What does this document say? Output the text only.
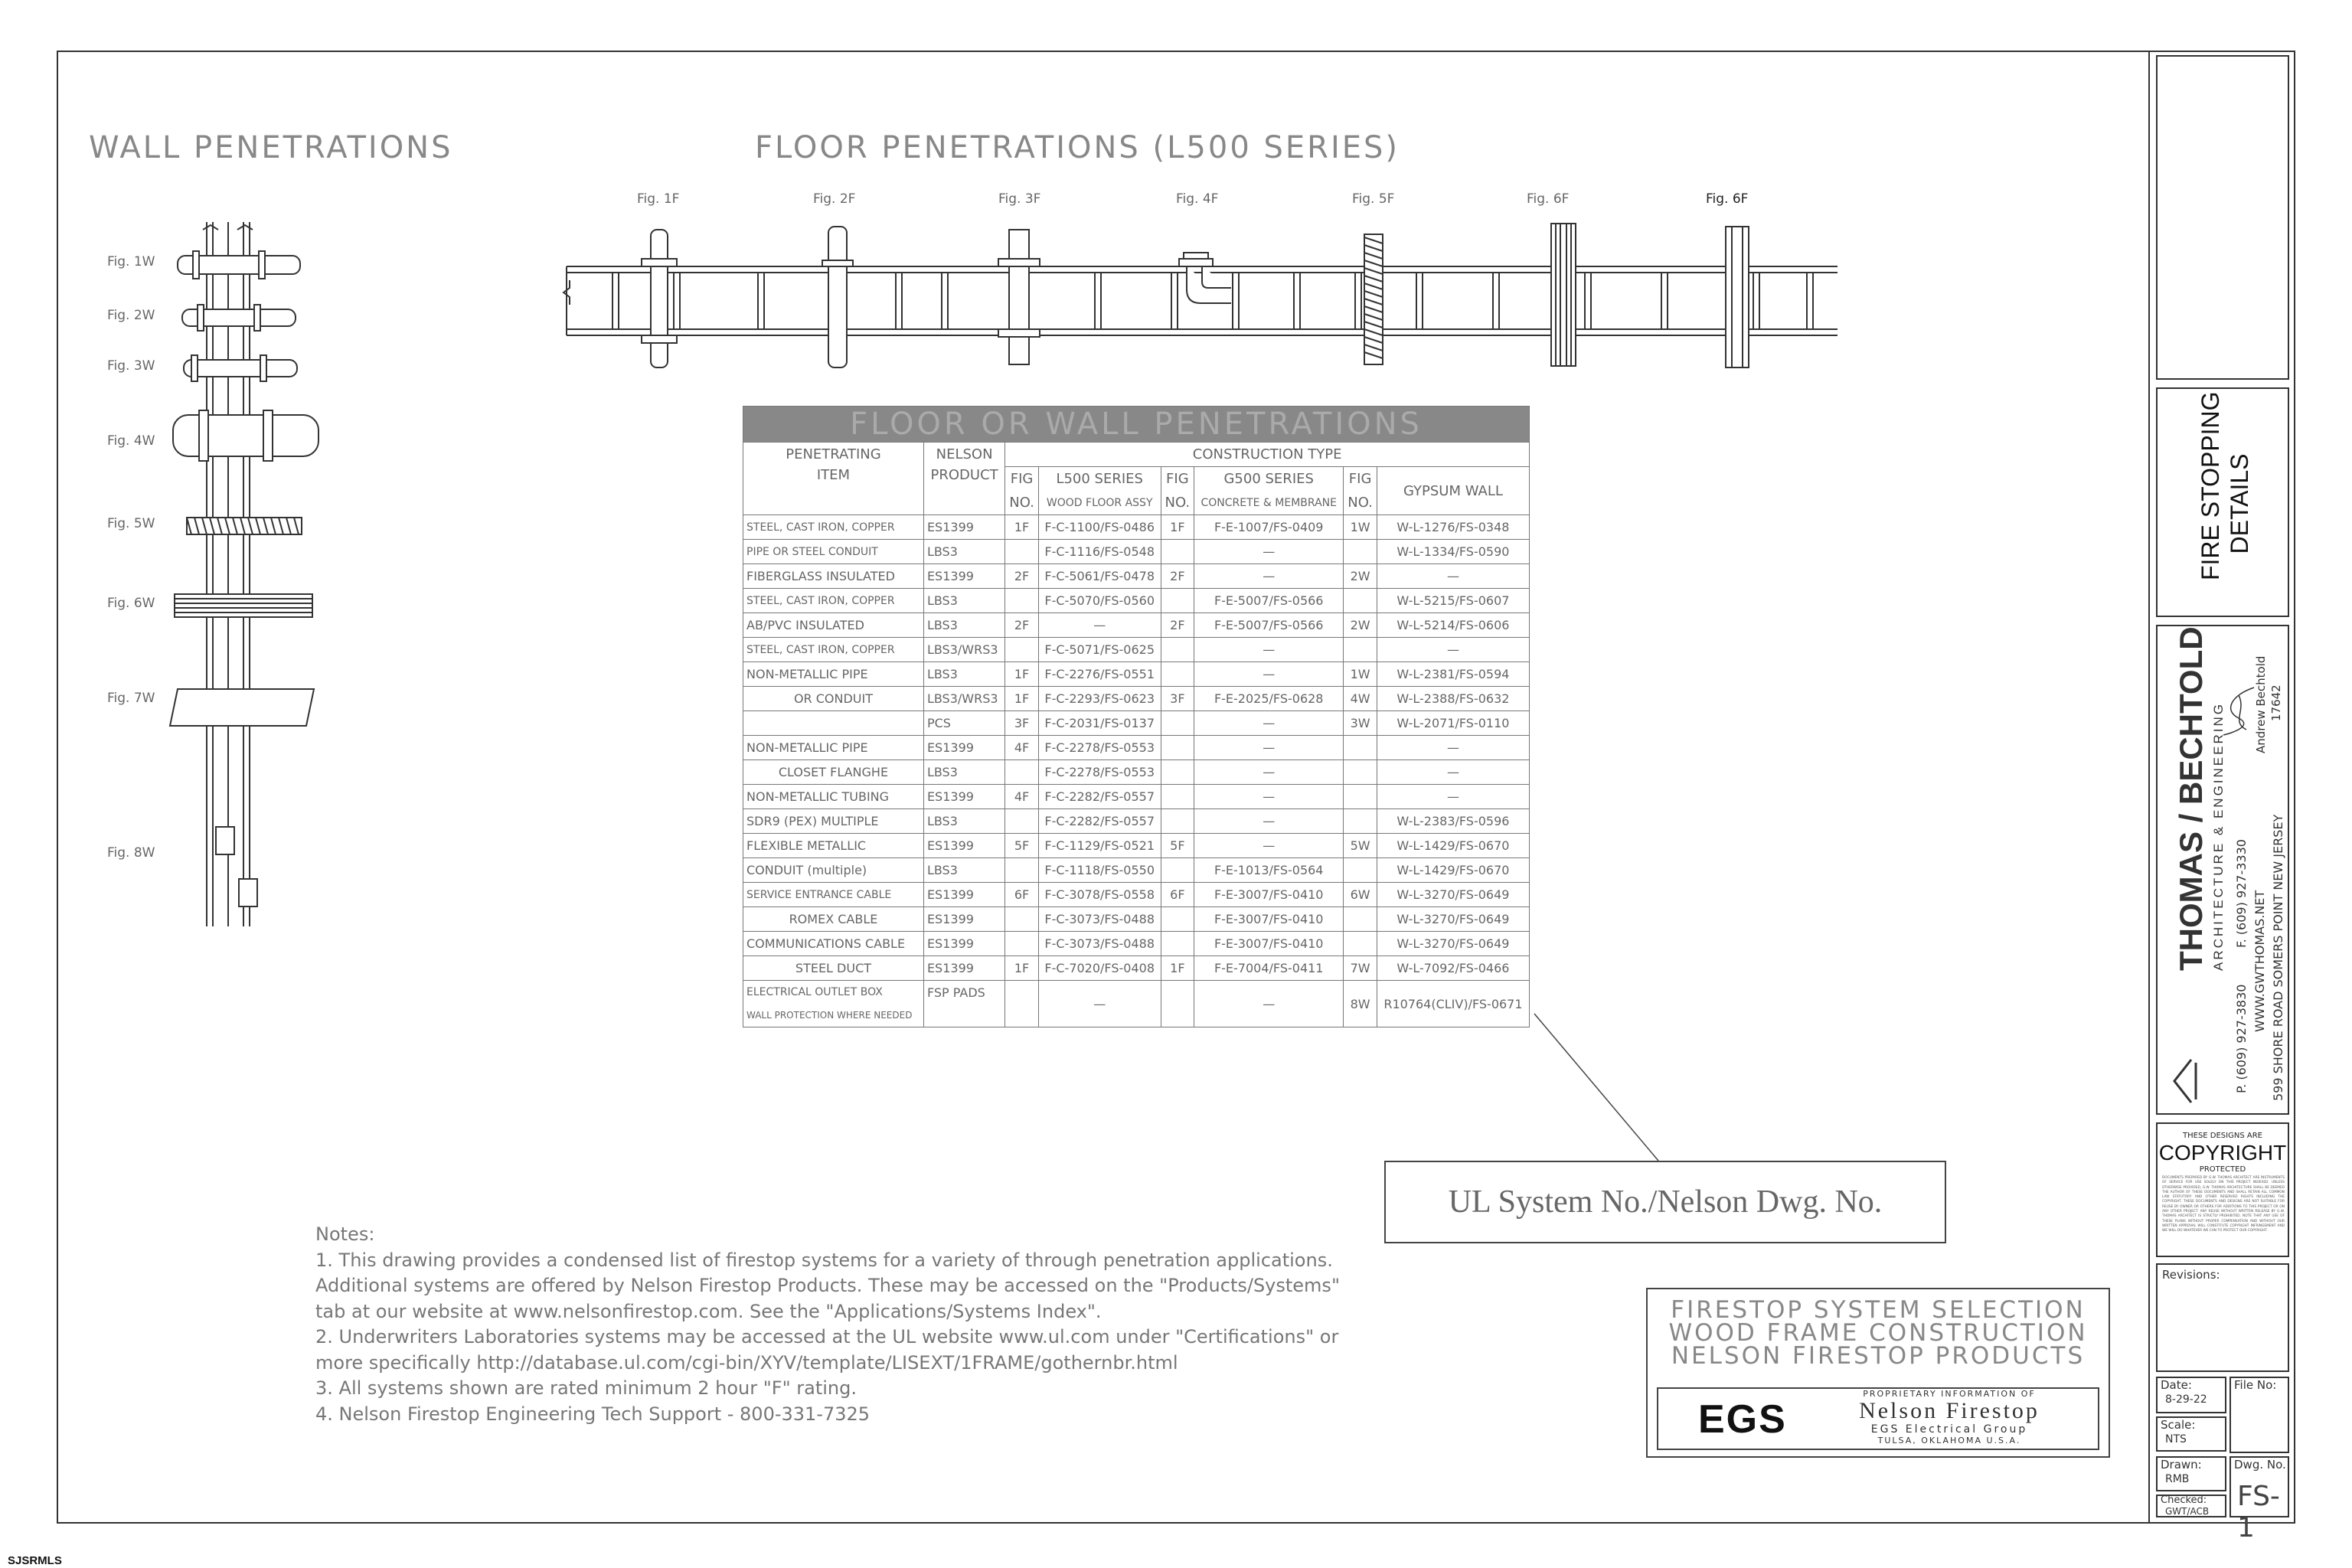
WALL PENETRATIONS	FLOOR PENETRATIONS (L500 SERIES)
Fig. 1W
Fig. 2W
Fig. 3W
Fig. 4W
Fig. 5W
Fig. 6W
Fig. 7W
Fig. 8W
Fig. 1F	Fig. 2F	Fig. 3F	Fig. 4F	Fig. 5F	Fig. 6F	Fig. 6F
FLOOR OR WALL PENETRATIONS							
PENETRATING	NELSON	CONSTRUCTION TYPE					
ITEM	PRODUCT	FIG	L500 SERIES	FIG	G500 SERIES	FIG	GYPSUM WALL
		NO.	WOOD FLOOR ASSY	NO.	CONCRETE & MEMBRANE	NO.	
STEEL, CAST IRON, COPPER	ES1399	1F	F-C-1100/FS-0486	1F	F-E-1007/FS-0409	1W	W-L-1276/FS-0348
PIPE OR STEEL CONDUIT	LBS3		F-C-1116/FS-0548		—		W-L-1334/FS-0590
FIBERGLASS INSULATED	ES1399	2F	F-C-5061/FS-0478	2F	—	2W	—
STEEL, CAST IRON, COPPER	LBS3		F-C-5070/FS-0560		F-E-5007/FS-0566		W-L-5215/FS-0607
AB/PVC INSULATED	LBS3	2F	—	2F	F-E-5007/FS-0566	2W	W-L-5214/FS-0606
STEEL, CAST IRON, COPPER	LBS3/WRS3		F-C-5071/FS-0625		—		—
NON-METALLIC PIPE	LBS3	1F	F-C-2276/FS-0551		—	1W	W-L-2381/FS-0594
OR CONDUIT	LBS3/WRS3	1F	F-C-2293/FS-0623	3F	F-E-2025/FS-0628	4W	W-L-2388/FS-0632
	PCS	3F	F-C-2031/FS-0137		—	3W	W-L-2071/FS-0110
NON-METALLIC PIPE	ES1399	4F	F-C-2278/FS-0553		—		—
CLOSET FLANGHE	LBS3		F-C-2278/FS-0553		—		—
NON-METALLIC TUBING	ES1399	4F	F-C-2282/FS-0557		—		—
SDR9 (PEX) MULTIPLE	LBS3		F-C-2282/FS-0557		—		W-L-2383/FS-0596
FLEXIBLE METALLIC	ES1399	5F	F-C-1129/FS-0521	5F	—	5W	W-L-1429/FS-0670
CONDUIT (multiple)	LBS3		F-C-1118/FS-0550		F-E-1013/FS-0564		W-L-1429/FS-0670
SERVICE ENTRANCE CABLE	ES1399	6F	F-C-3078/FS-0558	6F	F-E-3007/FS-0410	6W	W-L-3270/FS-0649
ROMEX CABLE	ES1399		F-C-3073/FS-0488		F-E-3007/FS-0410		W-L-3270/FS-0649
COMMUNICATIONS CABLE	ES1399		F-C-3073/FS-0488		F-E-3007/FS-0410		W-L-3270/FS-0649
STEEL DUCT	ES1399	1F	F-C-7020/FS-0408	1F	F-E-7004/FS-0411	7W	W-L-7092/FS-0466

ELECTRICAL OUTLET BOX
WALL PROTECTION WHERE NEEDED	FSP PADS		—		—	8W	R10764(CLIV)/FS-0671
UL System No./Nelson Dwg. No.
Notes:
1. This drawing provides a condensed list of firestop systems for a variety of through penetration applications.
Additional systems are offered by Nelson Firestop Products. These may be accessed on the "Products/Systems"
tab at our website at www.nelsonfirestop.com. See the "Applications/Systems Index".
2. Underwriters Laboratories systems may be accessed at the UL website www.ul.com under "Certifications" or
more specifically http://database.ul.com/cgi-bin/XYV/template/LISEXT/1FRAME/gothernbr.html
3. All systems shown are rated minimum 2 hour "F" rating.
4. Nelson Firestop Engineering Tech Support - 800-331-7325
FIRESTOP SYSTEM SELECTION
WOOD FRAME CONSTRUCTION
NELSON FIRESTOP PRODUCTS
EGS
PROPRIETARY INFORMATION OF
Nelson Firestop
EGS Electrical Group
TULSA, OKLAHOMA U.S.A.
FIRE STOPPING DETAILS
THOMAS / BECHTOLD ARCHITECTURE & ENGINEERING
P. (609) 927-3830
F. (609) 927-3330 WWW.GWTHOMAS.NET 599 SHORE ROAD SOMERS POINT NEW JERSEY
Andrew Bechtold 17642
THESE DESIGNS ARE
COPYRIGHT
PROTECTED
DOCUMENTS PREPARED BY G.W. THOMAS ARCHITECT ARE INSTRUMENTS OF SERVICE FOR USE SOLELY ON THIS PROJECT INDEXED. UNLESS OTHERWISE PROVIDED, G.W. THOMAS ARCHITECTURE SHALL BE DEEMED THE AUTHOR OF THESE DOCUMENTS AND SHALL RETAIN ALL COMMON LAW STATUTORY AND OTHER RESERVED RIGHTS INCLUDING THE COPYRIGHT. THESE DOCUMENTS AND DESIGNS ARE NOT SUITABLE FOR REUSE BY OWNER OR OTHERS FOR ADDITIONS TO THIS PROJECT OR ON ANY OTHER PROJECT. ANY REUSE WITHOUT WRITTEN RELEASE BY G.W. THOMAS ARCHITECT IS STRICTLY PROHIBITED. NOTE THAT ANY USE OF THESE PLANS WITHOUT PROPER COMPENSATION AND WITHOUT OUR WRITTEN APPROVAL WILL CONSTITUTE COPYRIGHT INFRINGEMENT AND WE WILL DO WHATEVER WE CAN TO PROTECT OUR COPYRIGHT.
Revisions:
Date:
8-29-22
File No:
Scale:
NTS
Drawn:
RMB
Dwg. No.
FS-1
Checked:
GWT/ACB
SJSRMLS
